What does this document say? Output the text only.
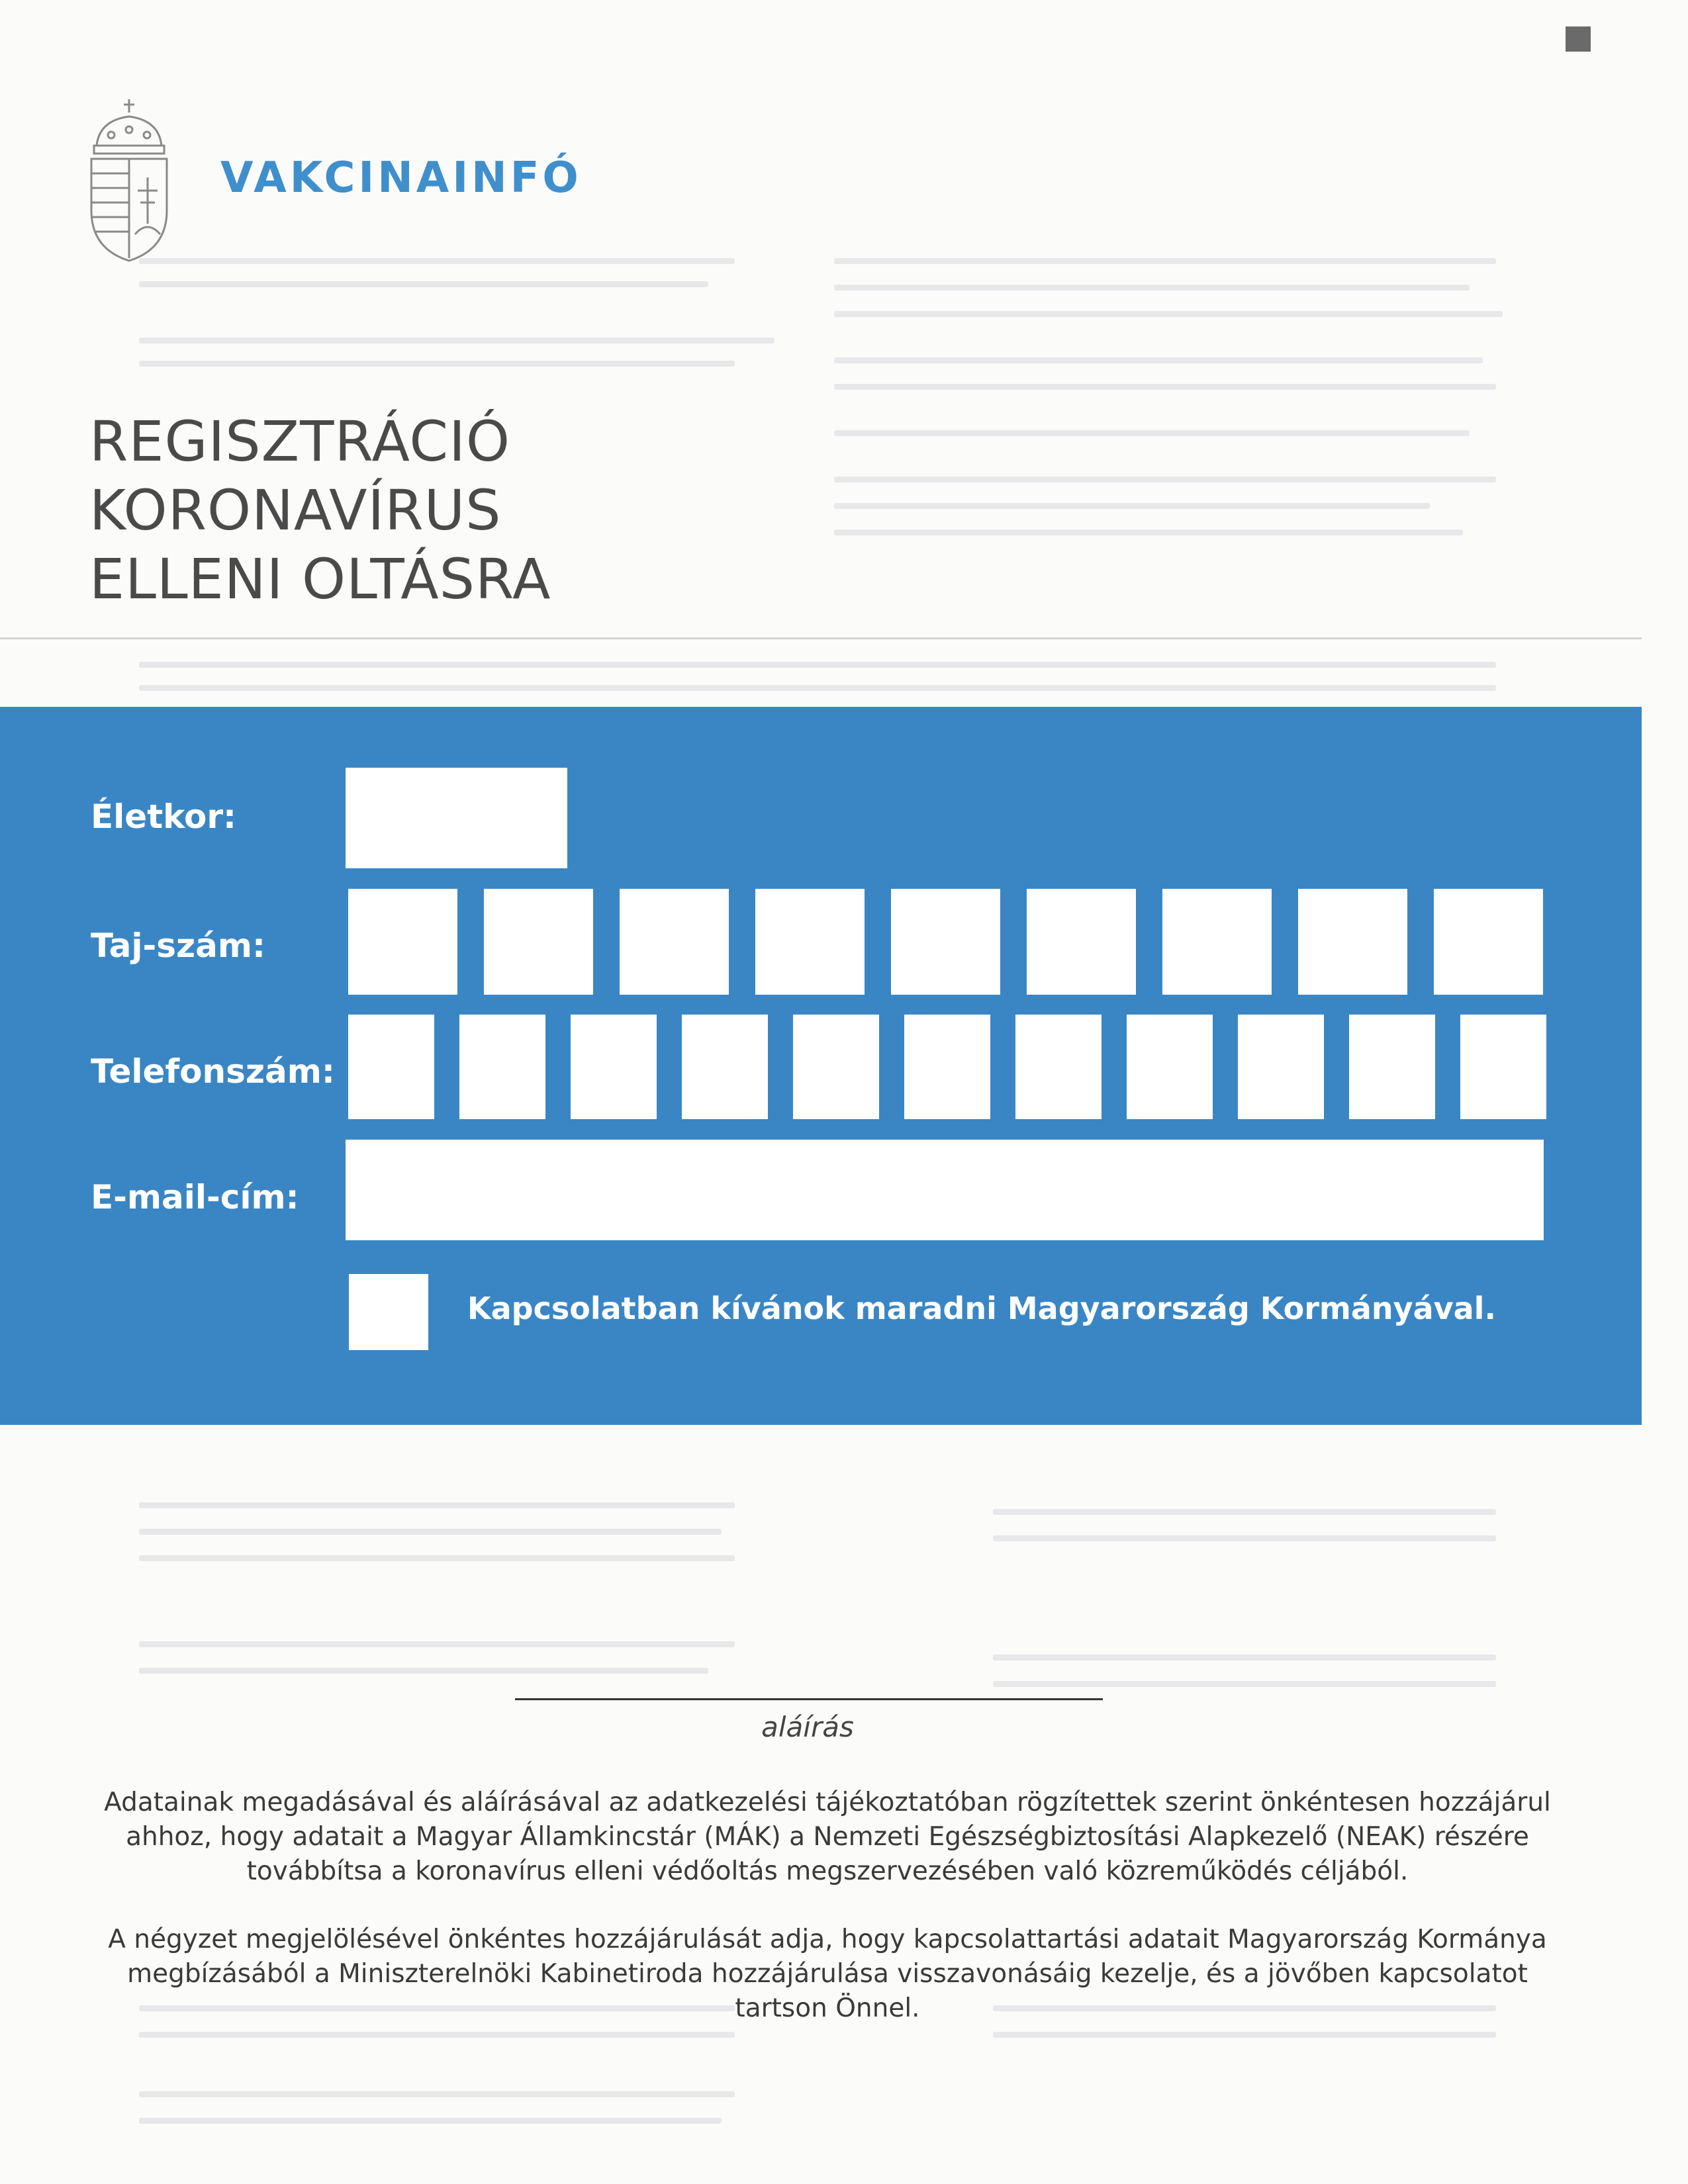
VAKCINAINFÓ
REGISZTRÁCIÓ
KORONAVÍRUS
ELLENI OLTÁSRA
Életkor:
Taj-szám:
Telefonszám:
E-mail-cím:
Kapcsolatban kívánok maradni Magyarország Kormányával.
aláírás
Adatainak megadásával és aláírásával az adatkezelési tájékoztatóban rögzítettek szerint önkéntesen hozzájárul ahhoz, hogy adatait a Magyar Államkincstár (MÁK) a Nemzeti Egészségbiztosítási Alapkezelő (NEAK) részére továbbítsa a koronavírus elleni védőoltás megszervezésében való közreműködés céljából.
A négyzet megjelölésével önkéntes hozzájárulását adja, hogy kapcsolattartási adatait Magyarország Kormánya megbízásából a Miniszterelnöki Kabinetiroda hozzájárulása visszavonásáig kezelje, és a jövőben kapcsolatot tartson Önnel.
